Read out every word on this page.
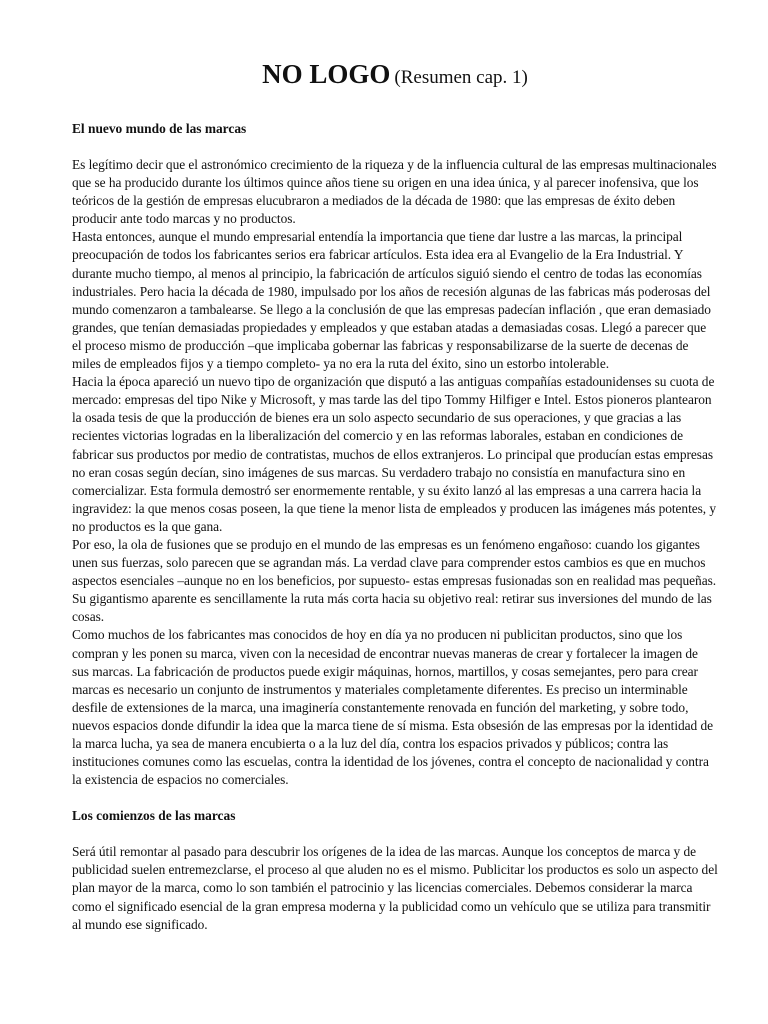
NO LOGO (Resumen cap. 1)
El nuevo mundo de las marcas

Es legítimo decir que el astronómico crecimiento de la riqueza y de la influencia cultural de las empresas multinacionales que se ha producido durante los últimos quince años tiene su origen en una idea única, y al parecer inofensiva, que los teóricos de la gestión de empresas elucubraron a mediados de la década de 1980: que las empresas de éxito deben producir ante todo marcas y no productos.

Hasta entonces, aunque el mundo empresarial entendía la importancia que tiene dar lustre a las marcas, la principal preocupación de todos los fabricantes serios era fabricar artículos. Esta idea era al Evangelio de la Era Industrial. Y durante mucho tiempo, al menos al principio, la fabricación de artículos siguió siendo el centro de todas las economías industriales. Pero hacia la década de 1980, impulsado por los años de recesión algunas de las fabricas más poderosas del mundo comenzaron a tambalearse. Se llego a la conclusión de que las empresas padecían inflación , que eran demasiado grandes, que tenían demasiadas propiedades y empleados y que estaban atadas a demasiadas cosas. Llegó a parecer que el proceso mismo de producción –que implicaba gobernar las fabricas y responsabilizarse de la suerte de decenas de miles de empleados fijos y a tiempo completo- ya no era la ruta del éxito, sino un estorbo intolerable.

Hacia la época apareció un nuevo tipo de organización que disputó a las antiguas compañías estadounidenses su cuota de mercado: empresas del tipo Nike y Microsoft, y mas tarde las del tipo Tommy Hilfiger e Intel. Estos pioneros plantearon la osada tesis de que la producción de bienes era un solo aspecto secundario de sus operaciones, y que gracias a las recientes victorias logradas en la liberalización del comercio y en las reformas laborales, estaban en condiciones de fabricar sus productos por medio de contratistas, muchos de ellos extranjeros. Lo principal que producían estas empresas no eran cosas según decían, sino imágenes de sus marcas. Su verdadero trabajo no consistía en manufactura sino en comercializar. Esta formula demostró ser enormemente rentable, y su éxito lanzó al las empresas a una carrera hacia la ingravidez: la que menos cosas poseen, la que tiene la menor lista de empleados y producen las imágenes más potentes, y no productos es la que gana.

Por eso, la ola de fusiones que se produjo en el mundo de las empresas es un fenómeno engañoso: cuando los gigantes unen sus fuerzas, solo parecen que se agrandan más. La verdad clave para comprender estos cambios es que en muchos aspectos esenciales –aunque no en los beneficios, por supuesto- estas empresas fusionadas son en realidad mas pequeñas. Su gigantismo aparente es sencillamente la ruta más corta hacia su objetivo real: retirar sus inversiones del mundo de las cosas.

Como muchos de los fabricantes mas conocidos de hoy en día ya no producen ni publicitan productos, sino que los compran y les ponen su marca, viven con la necesidad de encontrar nuevas maneras de crear y fortalecer la imagen de sus marcas. La fabricación de productos puede exigir máquinas, hornos, martillos, y cosas semejantes, pero para crear marcas es necesario un conjunto de instrumentos y materiales completamente diferentes. Es preciso un interminable desfile de extensiones de la marca, una imaginería constantemente renovada en función del marketing, y sobre todo, nuevos espacios donde difundir la idea que la marca tiene de sí misma. Esta obsesión de las empresas por la identidad de la marca lucha, ya sea de manera encubierta o a la luz del día, contra los espacios privados y públicos; contra las instituciones comunes como las escuelas, contra la identidad de los jóvenes, contra el concepto de nacionalidad y contra la existencia de espacios no comerciales.

Los comienzos de las marcas

Será útil remontar al pasado para descubrir los orígenes de la idea de las marcas. Aunque los conceptos de marca y de publicidad suelen entremezclarse, el proceso al que aluden no es el mismo. Publicitar los productos es solo un aspecto del plan mayor de la marca, como lo son también el patrocinio y las licencias comerciales. Debemos considerar la marca como el significado esencial de la gran empresa moderna y la publicidad como un vehículo que se utiliza para transmitir al mundo ese significado.
